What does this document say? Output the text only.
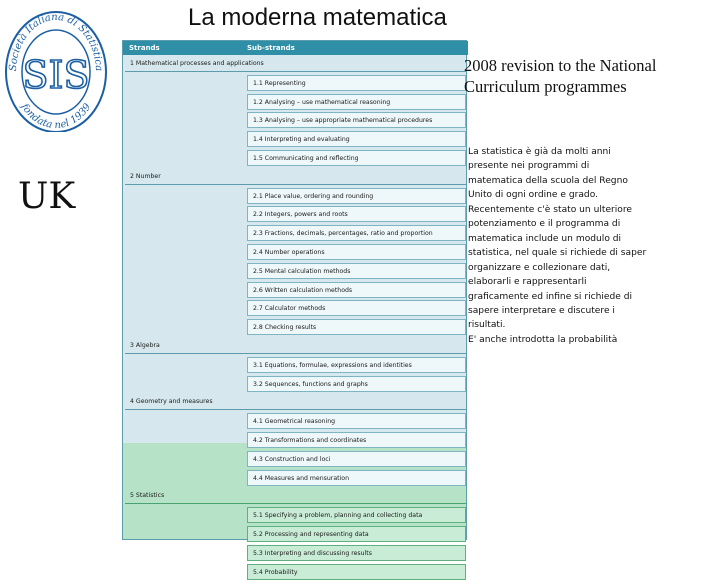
La moderna matematica
Società Italiana di Statistica
fondata nel 1939
SIS
UK
Strands	Sub-strands
1 Mathematical processes and applications
1.1 Representing
1.2 Analysing – use mathematical reasoning
1.3 Analysing – use appropriate mathematical procedures
1.4 Interpreting and evaluating
1.5 Communicating and reflecting
2 Number
2.1 Place value, ordering and rounding
2.2 Integers, powers and roots
2.3 Fractions, decimals, percentages, ratio and proportion
2.4 Number operations
2.5 Mental calculation methods
2.6 Written calculation methods
2.7 Calculator methods
2.8 Checking results
3 Algebra
3.1 Equations, formulae, expressions and identities
3.2 Sequences, functions and graphs
4 Geometry and measures
4.1 Geometrical reasoning
4.2 Transformations and coordinates
4.3 Construction and loci
4.4 Measures and mensuration
5 Statistics
5.1 Specifying a problem, planning and collecting data
5.2 Processing and representing data
5.3 Interpreting and discussing results
5.4 Probability
2008 revision to the National Curriculum programmes
La statistica è già da molti anni
presente nei programmi di
matematica della scuola del Regno
Unito di ogni ordine e grado.
Recentemente c'è stato un ulteriore
potenziamento e il programma di
matematica include un modulo di
statistica, nel quale si richiede di saper
organizzare e collezionare dati,
elaborarli e rappresentarli
graficamente ed infine si richiede di
sapere interpretare e discutere i
risultati.
E' anche introdotta la probabilità
